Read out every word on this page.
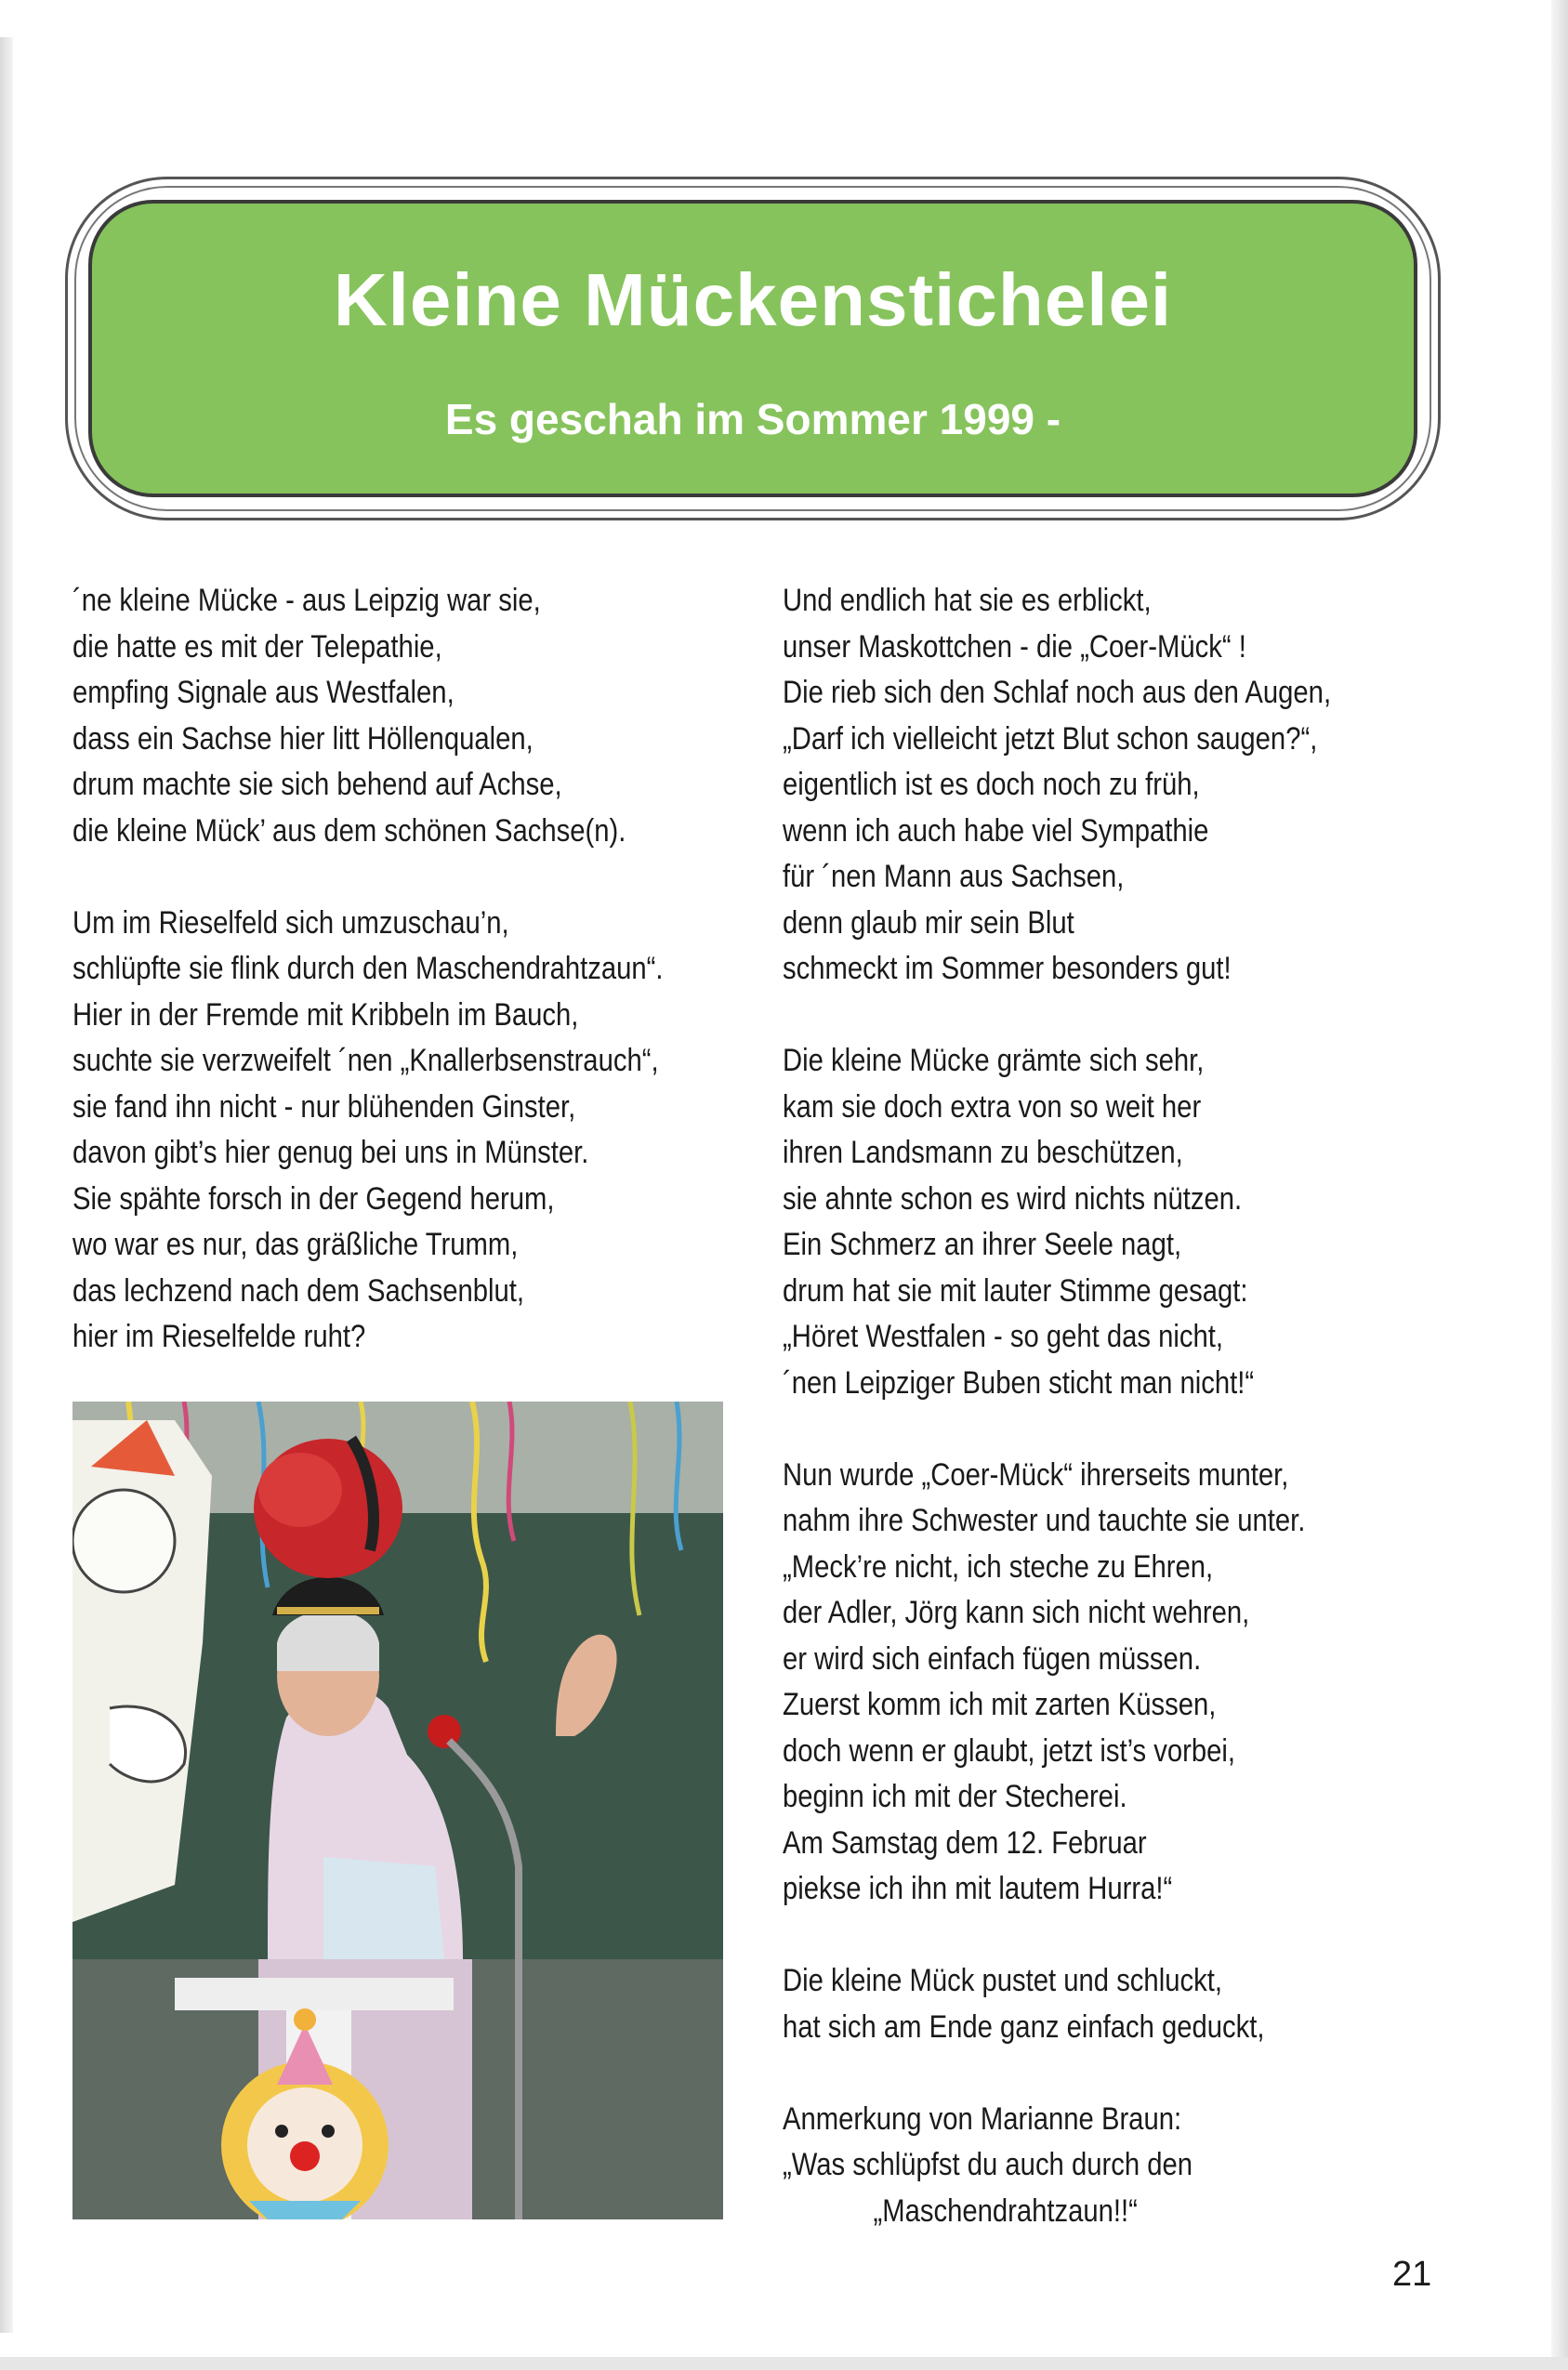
Kleine Mückenstichelei
Es geschah im Sommer 1999 -
´ne kleine Mücke - aus Leipzig war sie,
die hatte es mit der Telepathie,
empfing Signale aus Westfalen,
dass ein Sachse hier litt Höllenqualen,
drum machte sie sich behend auf Achse,
die kleine Mück’ aus dem schönen Sachse(n).
Um im Rieselfeld sich umzuschau’n,
schlüpfte sie flink durch den Maschendrahtzaun“.
Hier in der Fremde mit Kribbeln im Bauch,
suchte sie verzweifelt ´nen „Knallerbsenstrauch“,
sie fand ihn nicht - nur blühenden Ginster,
davon gibt’s hier genug bei uns in Münster.
Sie spähte forsch in der Gegend herum,
wo war es nur, das gräßliche Trumm,
das lechzend nach dem Sachsenblut,
hier im Rieselfelde ruht?
Und endlich hat sie es erblickt,
unser Maskottchen - die „Coer-Mück“ !
Die rieb sich den Schlaf noch aus den Augen,
„Darf ich vielleicht jetzt Blut schon saugen?“,
eigentlich ist es doch noch zu früh,
wenn ich auch habe viel Sympathie
für ´nen Mann aus Sachsen,
denn glaub mir sein Blut
schmeckt im Sommer besonders gut!
Die kleine Mücke grämte sich sehr,
kam sie doch extra von so weit her
ihren Landsmann zu beschützen,
sie ahnte schon es wird nichts nützen.
Ein Schmerz an ihrer Seele nagt,
drum hat sie mit lauter Stimme gesagt:
„Höret Westfalen - so geht das nicht,
´nen Leipziger Buben sticht man nicht!“
Nun wurde „Coer-Mück“ ihrerseits munter,
nahm ihre Schwester und tauchte sie unter.
„Meck’re nicht, ich steche zu Ehren,
der Adler, Jörg kann sich nicht wehren,
er wird sich einfach fügen müssen.
Zuerst komm ich mit zarten Küssen,
doch wenn er glaubt, jetzt ist’s vorbei,
beginn ich mit der Stecherei.
Am Samstag dem 12. Februar
piekse ich ihn mit lautem Hurra!“
Die kleine Mück pustet und schluckt,
hat sich am Ende ganz einfach geduckt,
Anmerkung von Marianne Braun:
„Was schlüpfst du auch durch den
„Maschendrahtzaun!!“
21
